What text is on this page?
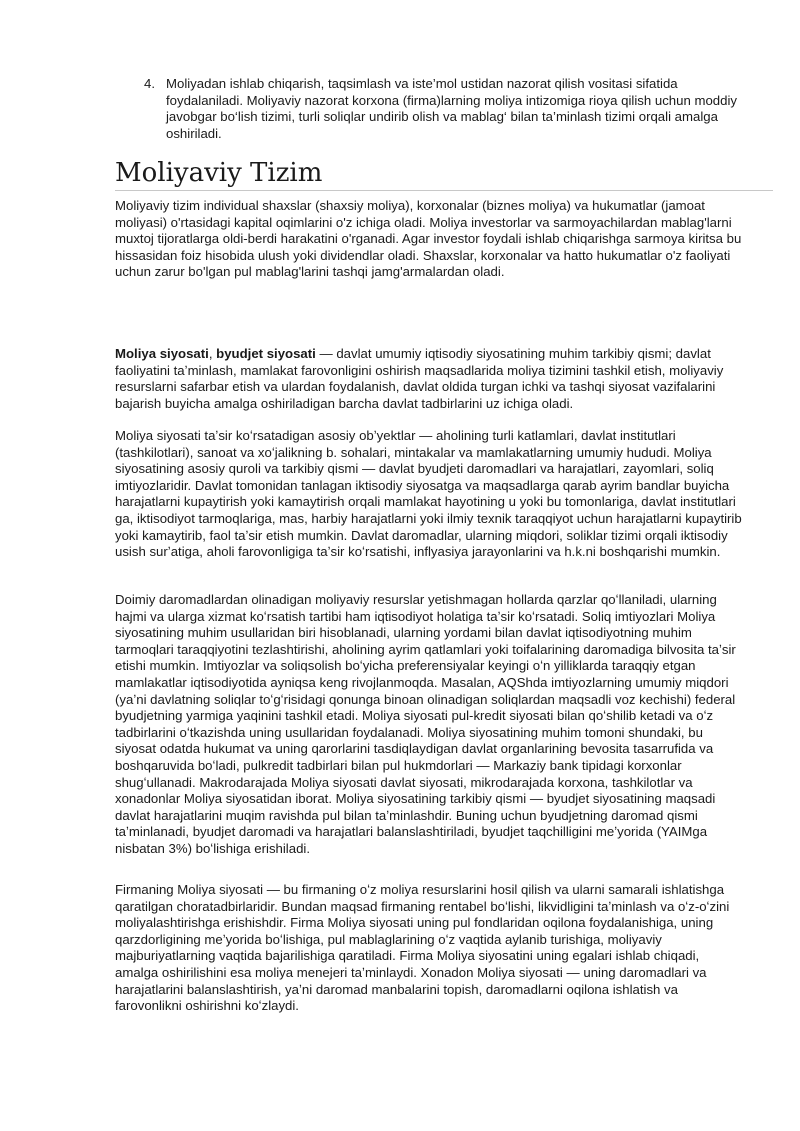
4. Moliyadan ishlab chiqarish, taqsimlash va iste’mol ustidan nazorat qilish vositasi sifatida foydalaniladi. Moliyaviy nazorat korxona (firma)larning moliya intizomiga rioya qilish uchun moddiy javobgar bo‘lish tizimi, turli soliqlar undirib olish va mablag‘ bilan ta’minlash tizimi orqali amalga oshiriladi.
Moliyaviy Tizim

Moliyaviy tizim individual shaxslar (shaxsiy moliya), korxonalar (biznes moliya) va hukumatlar (jamoat moliyasi) o'rtasidagi kapital oqimlarini o'z ichiga oladi. Moliya investorlar va sarmoyachilardan mablag'larni muxtoj tijoratlarga oldi-berdi harakatini o'rganadi. Agar investor foydali ishlab chiqarishga sarmoya kiritsa bu hissasidan foiz hisobida ulush yoki dividendlar oladi. Shaxslar, korxonalar va hatto hukumatlar o'z faoliyati uchun zarur bo'lgan pul mablag'larini tashqi jamg'armalardan oladi.

Moliya siyosati, byudjet siyosati — davlat umumiy iqtisodiy siyosatining muhim tarkibiy qismi; davlat faoliyatini taʼminlash, mamlakat farovonligini oshirish maqsadlarida moliya tizimini tashkil etish, moliyaviy resurslarni safarbar etish va ulardan foydalanish, davlat oldida turgan ichki va tashqi siyosat vazifalarini bajarish buyicha amalga oshiriladigan barcha davlat tadbirlarini uz ichiga oladi.

Moliya siyosati taʼsir koʻrsatadigan asosiy obʼyektlar — aholining turli katlamlari, davlat institutlari (tashkilotlari), sanoat va xoʻjalikning b. sohalari, mintakalar va mamlakatlarning umumiy hududi. Moliya siyosatining asosiy quroli va tarkibiy qismi — davlat byudjeti daromadlari va harajatlari, zayomlari, soliq imtiyozlaridir. Davlat tomonidan tanlagan iktisodiy siyosatga va maqsadlarga qarab ayrim bandlar buyicha harajatlarni kupaytirish yoki kamaytirish orqali mamlakat hayotining u yoki bu tomonlariga, davlat institutlari ga, iktisodiyot tarmoqlariga, mas, harbiy harajatlarni yoki ilmiy texnik taraqqiyot uchun harajatlarni kupaytirib yoki kamaytirib, faol taʼsir etish mumkin. Davlat daromadlar, ularning miqdori, soliklar tizimi orqali iktisodiy usish surʼatiga, aholi farovonligiga taʼsir koʻrsatishi, inflyasiya jarayonlarini va h.k.ni boshqarishi mumkin.

Doimiy daromadlardan olinadigan moliyaviy resurslar yetishmagan hollarda qarzlar qoʻllaniladi, ularning hajmi va ularga xizmat koʻrsatish tartibi ham iqtisodiyot holatiga taʼsir koʻrsatadi. Soliq imtiyozlari Moliya siyosatining muhim usullaridan biri hisoblanadi, ularning yordami bilan davlat iqtisodiyotning muhim tarmoqlari taraqqiyotini tezlashtirishi, aholining ayrim qatlamlari yoki toifalarining daromadiga bilvosita taʼsir etishi mumkin. Imtiyozlar va soliqsolish boʻyicha preferensiyalar keyingi oʻn yilliklarda taraqqiy etgan mamlakatlar iqtisodiyotida ayniqsa keng rivojlanmoqda. Masalan, AQShda imtiyozlarning umumiy miqdori (yaʼni davlatning soliqlar toʻgʻrisidagi qonunga binoan olinadigan soliqlardan maqsadli voz kechishi) federal byudjetning yarmiga yaqinini tashkil etadi. Moliya siyosati pul-kredit siyosati bilan qoʻshilib ketadi va oʻz tadbirlarini oʻtkazishda uning usullaridan foydalanadi. Moliya siyosatining muhim tomoni shundaki, bu siyosat odatda hukumat va uning qarorlarini tasdiqlaydigan davlat organlarining bevosita tasarrufida va boshqaruvida boʻladi, pulkredit tadbirlari bilan pul hukmdorlari — Markaziy bank tipidagi korxonlar shugʻullanadi. Makrodarajada Moliya siyosati davlat siyosati, mikrodarajada korxona, tashkilotlar va xonadonlar Moliya siyosatidan iborat. Moliya siyosatining tarkibiy qismi — byudjet siyosatining maqsadi davlat harajatlarini muqim ravishda pul bilan taʼminlashdir. Buning uchun byudjetning daromad qismi taʼminlanadi, byudjet daromadi va harajatlari balanslashtiriladi, byudjet taqchilligini meʼyorida (YAIMga nisbatan 3%) boʻlishiga erishiladi.

Firmaning Moliya siyosati — bu firmaning oʻz moliya resurslarini hosil qilish va ularni samarali ishlatishga qaratilgan choratadbirlaridir. Bundan maqsad firmaning rentabel boʻlishi, likvidligini taʼminlash va oʻz-oʻzini moliyalashtirishga erishishdir. Firma Moliya siyosati uning pul fondlaridan oqilona foydalanishiga, uning qarzdorligining meʼyorida boʻlishiga, pul mablaglarining oʻz vaqtida aylanib turishiga, moliyaviy majburiyatlarning vaqtida bajarilishiga qaratiladi. Firma Moliya siyosatini uning egalari ishlab chiqadi, amalga oshirilishini esa moliya menejeri taʼminlaydi. Xonadon Moliya siyosati — uning daromadlari va harajatlarini balanslashtirish, yaʼni daromad manbalarini topish, daromadlarni oqilona ishlatish va farovonlikni oshirishni koʻzlaydi.
